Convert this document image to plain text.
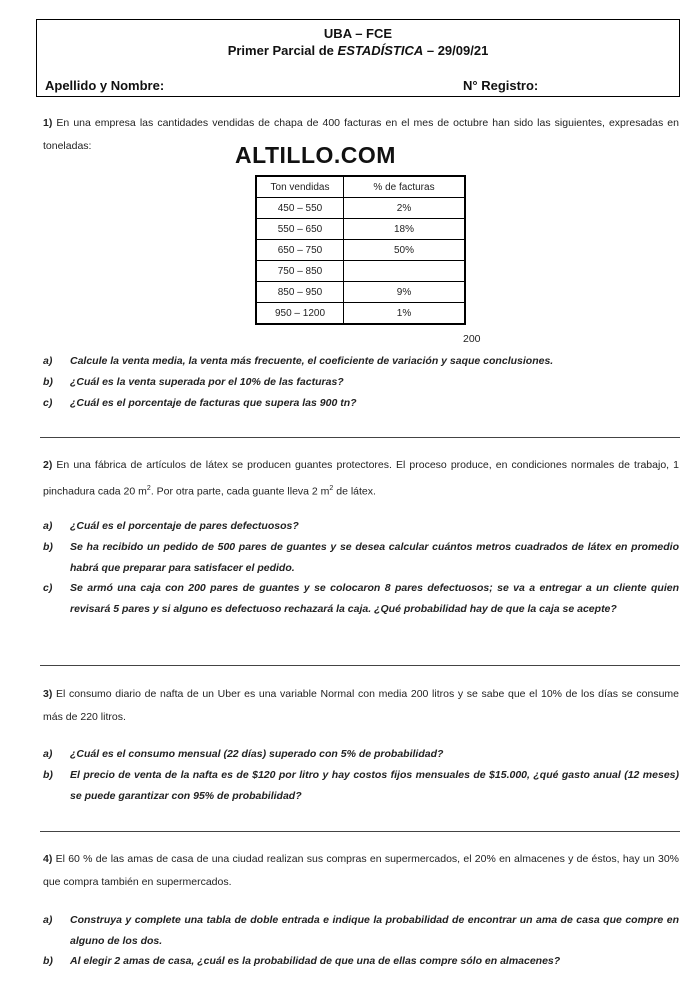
UBA – FCE
Primer Parcial de ESTADÍSTICA – 29/09/21
Apellido y Nombre:	N° Registro:
1) En una empresa las cantidades vendidas de chapa de 400 facturas en el mes de octubre han sido las siguientes, expresadas en toneladas:	ALTILLO.COM
Ton vendidas	% de facturas
450 – 550	2%
550 – 650	18%
650 – 750	50%
750 – 850	
850 – 950	9%
950 – 1200	1%
200
a) Calcule la venta media, la venta más frecuente, el coeficiente de variación y saque conclusiones.
b) ¿Cuál es la venta superada por el 10% de las facturas?
c) ¿Cuál es el porcentaje de facturas que supera las 900 tn?
2) En una fábrica de artículos de látex se producen guantes protectores. El proceso produce, en condiciones normales de trabajo, 1 pinchadura cada 20 $m^2$. Por otra parte, cada guante lleva 2 $m^2$ de látex.
a) ¿Cuál es el porcentaje de pares defectuosos?
b) Se ha recibido un pedido de 500 pares de guantes y se desea calcular cuántos metros cuadrados de látex en promedio habrá que preparar para satisfacer el pedido.
c) Se armó una caja con 200 pares de guantes y se colocaron 8 pares defectuosos; se va a entregar a un cliente quien revisará 5 pares y si alguno es defectuoso rechazará la caja. ¿Qué probabilidad hay de que la caja se acepte?
3) El consumo diario de nafta de un Uber es una variable Normal con media 200 litros y se sabe que el 10% de los días se consume más de 220 litros.
a) ¿Cuál es el consumo mensual (22 días) superado con 5% de probabilidad?
b) El precio de venta de la nafta es de $120 por litro y hay costos fijos mensuales de $15.000, ¿qué gasto anual (12 meses) se puede garantizar con 95% de probabilidad?
4) El 60 % de las amas de casa de una ciudad realizan sus compras en supermercados, el 20% en almacenes y de éstos, hay un 30% que compra también en supermercados.
a) Construya y complete una tabla de doble entrada e indique la probabilidad de encontrar un ama de casa que compre en alguno de los dos.
b) Al elegir 2 amas de casa, ¿cuál es la probabilidad de que una de ellas compre sólo en almacenes?
